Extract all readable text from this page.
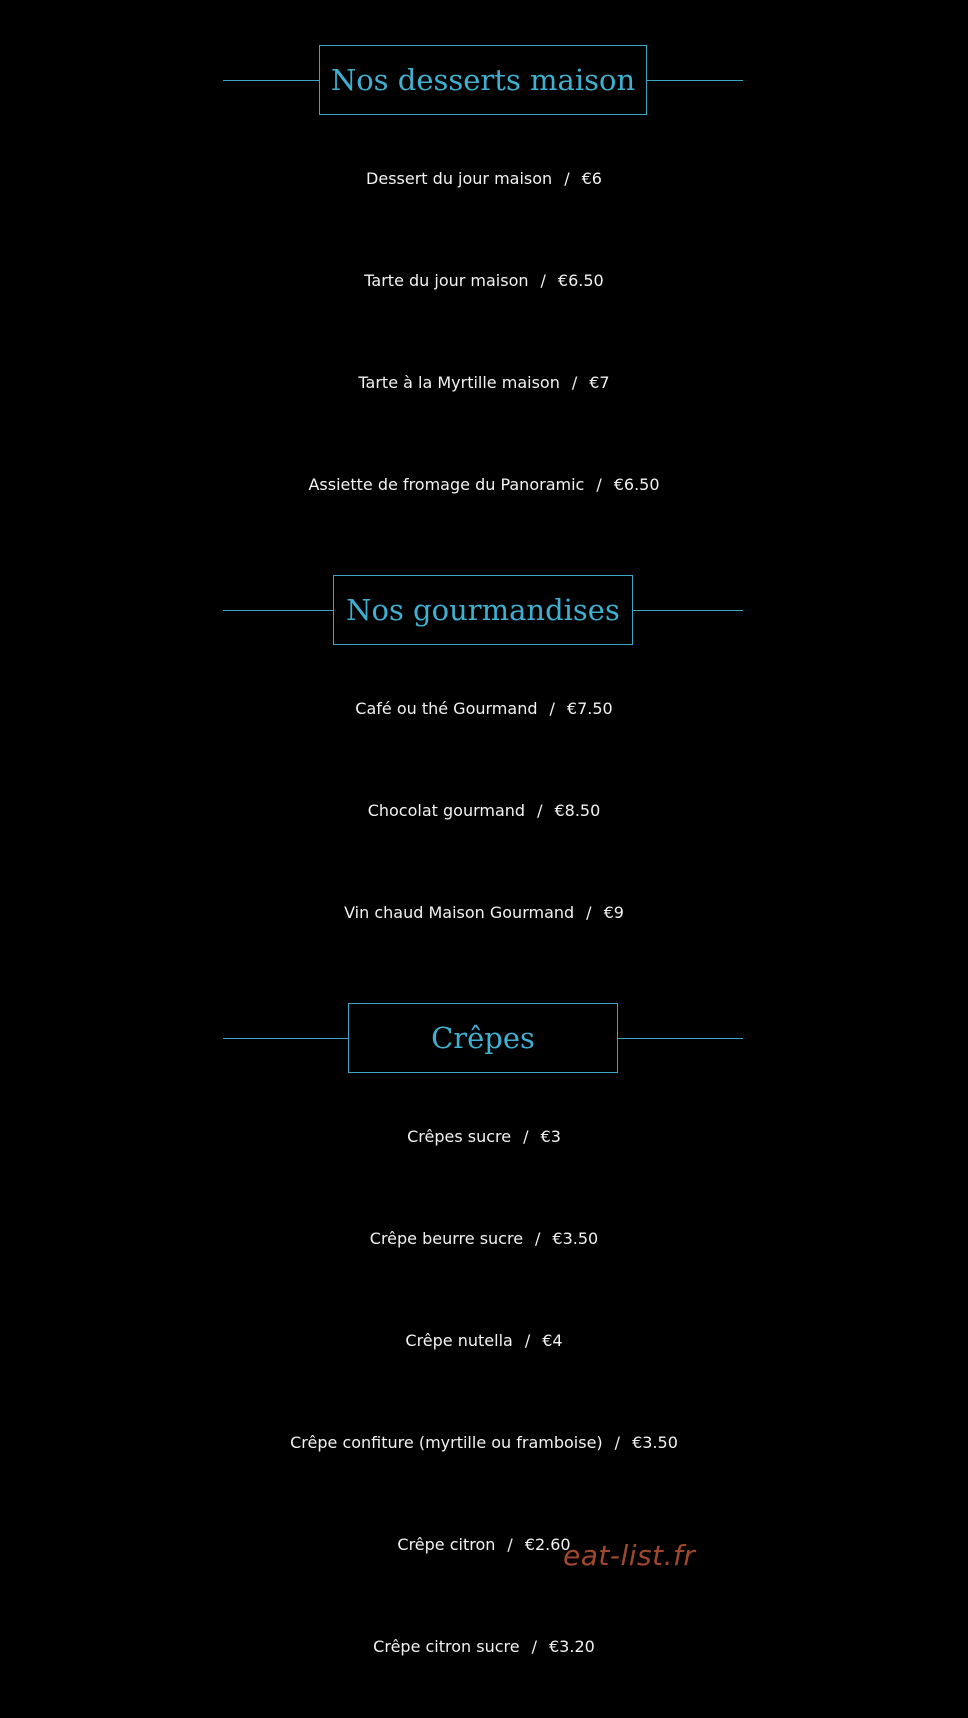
Nos desserts maison
Dessert du jour maison / €6
Tarte du jour maison / €6.50
Tarte à la Myrtille maison / €7
Assiette de fromage du Panoramic / €6.50
Nos gourmandises
Café ou thé Gourmand / €7.50
Chocolat gourmand / €8.50
Vin chaud Maison Gourmand / €9
Crêpes
Crêpes sucre / €3
Crêpe beurre sucre / €3.50
Crêpe nutella / €4
Crêpe confiture (myrtille ou framboise) / €3.50
Crêpe citron / €2.60
Crêpe citron sucre / €3.20
eat-list.fr
